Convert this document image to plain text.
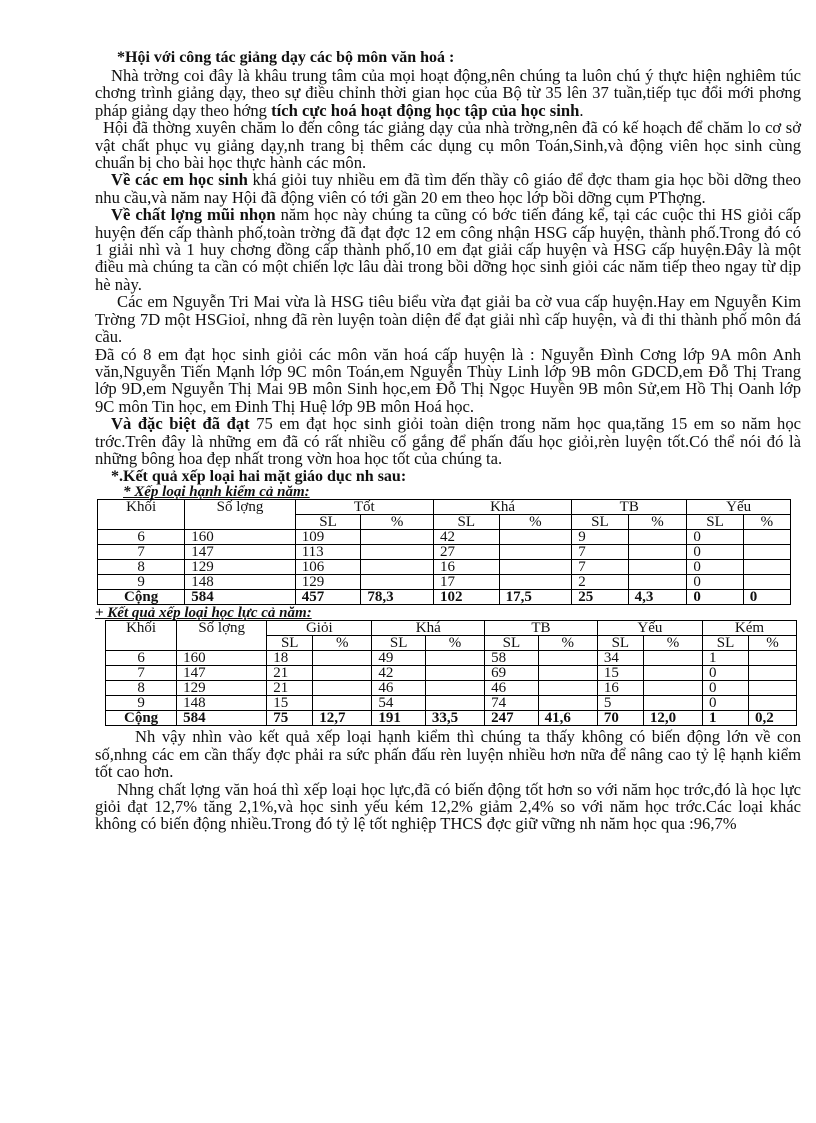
*Hội với công tác giảng dạy các bộ môn văn hoá :

Nhà trờng coi đây là khâu trung tâm của mọi hoạt động,nên chúng ta luôn chú ý thực hiện nghiêm túc chơng trình giảng dạy, theo sự điều chỉnh thời gian học của Bộ từ 35 lên 37 tuần,tiếp tục đổi mới phơng pháp giảng dạy theo hớng tích cực hoá hoạt động học tập của học sinh.

Hội đã thờng xuyên chăm lo đến công tác giảng dạy của nhà trờng,nên đã có kế hoạch để chăm lo cơ sở vật chất phục vụ giảng dạy,nh trang bị thêm các dụng cụ môn Toán,Sinh,và động viên học sinh cùng chuẩn bị cho bài học thực hành các môn.

Về các em học sinh khá giỏi tuy nhiều em đã tìm đến thầy cô giáo để đợc tham gia học bồi dỡng theo nhu cầu,và năm nay Hội đã động viên có tới gần 20 em theo học lớp bồi dỡng cụm PThợng.

Về chất lợng mũi nhọn năm học này chúng ta cũng có bớc tiến đáng kể, tại các cuộc thi HS giỏi cấp huyện đến cấp thành phố,toàn trờng đã đạt đợc 12 em công nhận HSG cấp huyện, thành phố.Trong đó có 1 giải nhì và 1 huy chơng đồng cấp thành phố,10 em đạt giải cấp huyện và HSG cấp huyện.Đây là một điều mà chúng ta cần có một chiến lợc lâu dài trong bồi dỡng học sinh giỏi các năm tiếp theo ngay từ dịp hè này.

Các em Nguyễn Tri Mai vừa là HSG tiêu biểu vừa đạt giải ba cờ vua cấp huyện.Hay em Nguyễn Kim Trờng 7D một HSGioỉ, nhng đã rèn luyện toàn diện để đạt giải nhì cấp huyện, và đi thi thành phố môn đá cầu.

Đã có 8 em đạt học sinh giỏi các môn văn hoá cấp huyện là : Nguyễn Đình Cơng lớp 9A môn Anh văn,Nguyễn Tiến Mạnh lớp 9C môn Toán,em Nguyễn Thùy Linh lớp 9B môn GDCD,em Đỗ Thị Trang lớp 9D,em Nguyễn Thị Mai 9B môn Sinh học,em Đỗ Thị Ngọc Huyền 9B môn Sử,em Hồ Thị Oanh lớp 9C môn Tin học, em Đinh Thị Huệ lớp 9B môn Hoá học.

Và đặc biệt đã đạt 75 em đạt học sinh giỏi toàn diện trong năm học qua,tăng 15 em so năm học trớc.Trên đây là những em đã có rất nhiều cố gắng để phấn đấu học giỏi,rèn luyện tốt.Có thể nói đó là những bông hoa đẹp nhất trong vờn hoa học tốt của chúng ta.

*.Kết quả xếp loại hai mặt giáo dục nh sau:
* Xếp loại hạnh kiểm cả năm:
Khối	Số lợng	Tốt		Khá		TB		Yếu	
		SL	%	SL	%	SL	%	SL	%
6	160	109		42		9		0	
7	147	113		27		7		0	
8	129	106		16		7		0	
9	148	129		17		2		0	
Cộng	584	457	78,3	102	17,5	25	4,3	0	0
+ Kết quả xếp loại học lực cả năm:
Khối	Số lợng	Giỏi		Khá		TB		Yếu		Kém	
		SL	%	SL	%	SL	%	SL	%	SL	%
6	160	18		49		58		34		1	
7	147	21		42		69		15		0	
8	129	21		46		46		16		0	
9	148	15		54		74		5		0	
Cộng	584	75	12,7	191	33,5	247	41,6	70	12,0	1	0,2

Nh vậy nhìn vào kết quả xếp loại hạnh kiểm thì chúng ta thấy không có biến động lớn về con số,nhng các em cần thấy đợc phải ra sức phấn đấu rèn luyện nhiều hơn nữa để nâng cao tỷ lệ hạnh kiểm tốt cao hơn.

Nhng chất lợng văn hoá thì xếp loại học lực,đã có biến động tốt hơn so với năm học trớc,đó là học lực giỏi đạt 12,7% tăng 2,1%,và học sinh yếu kém 12,2% giảm 2,4% so với năm học trớc.Các loại khác không có biến động nhiều.Trong đó tỷ lệ tốt nghiệp THCS đợc giữ vững nh năm học qua :96,7%
